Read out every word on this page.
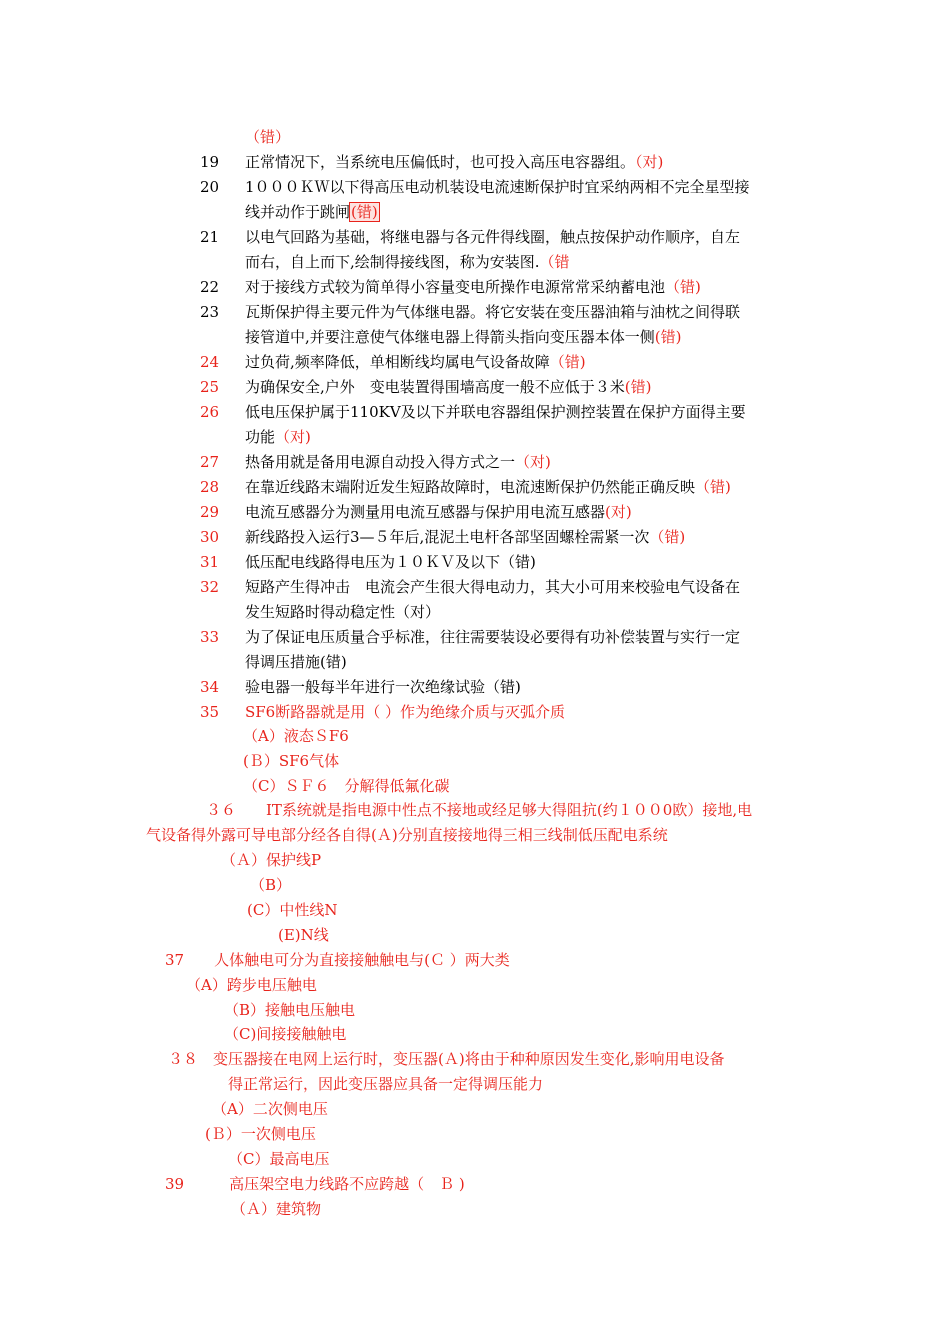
（错）
19	正常情况下，当系统电压偏低时，也可投入高压电容器组。（对)
20	1０００ＫＷ以下得高压电动机装设电流速断保护时宜采纳两相不完全星型接
线并动作于跳闸(错)
21	以电气回路为基础，将继电器与各元件得线圈，触点按保护动作顺序，自左
而右，自上而下,绘制得接线图，称为安装图.（错
22	对于接线方式较为简单得小容量变电所操作电源常常采纳蓄电池（错)
23	瓦斯保护得主要元件为气体继电器。将它安装在变压器油箱与油枕之间得联
接管道中,并要注意使气体继电器上得箭头指向变压器本体一侧(错)
24	过负荷,频率降低，单相断线均属电气设备故障（错)
25	为确保安全,户外　变电装置得围墙高度一般不应低于３米(错)
26	低电压保护属于110KV及以下并联电容器组保护测控装置在保护方面得主要
功能（对)
27	热备用就是备用电源自动投入得方式之一（对)
28	在靠近线路末端附近发生短路故障时，电流速断保护仍然能正确反映（错)
29	电流互感器分为测量用电流互感器与保护用电流互感器(对)
30	新线路投入运行3—５年后,混泥土电杆各部坚固螺栓需紧一次（错)
31	低压配电线路得电压为１０ＫＶ及以下（错)
32	短路产生得冲击　电流会产生很大得电动力，其大小可用来校验电气设备在
发生短路时得动稳定性（对）
33	为了保证电压质量合乎标准，往往需要装设必要得有功补偿装置与实行一定
得调压措施(错)
34	验电器一般每半年进行一次绝缘试验（错)
35	SF6断路器就是用（ ）作为绝缘介质与灭弧介质
（A）液态ＳF6
(Ｂ）SF6气体
（C）ＳＦ６　分解得低氟化碳
３６　　IT系统就是指电源中性点不接地或经足够大得阻抗(约１００0欧）接地,电
气设备得外露可导电部分经各自得(Ａ)分别直接接地得三相三线制低压配电系统
（Ａ）保护线P
（B）
(C）中性线N
(E)N线
37　　人体触电可分为直接接触触电与(Ｃ ）两大类
（A）跨步电压触电
（B）接触电压触电
（C)间接接触触电
３８　变压器接在电网上运行时，变压器(Ａ)将由于种种原因发生变化,影响用电设备
得正常运行，因此变压器应具备一定得调压能力
（A）二次侧电压
(Ｂ）一次侧电压
（C）最高电压
39　　　高压架空电力线路不应跨越（　Ｂ )
（Ａ）建筑物
